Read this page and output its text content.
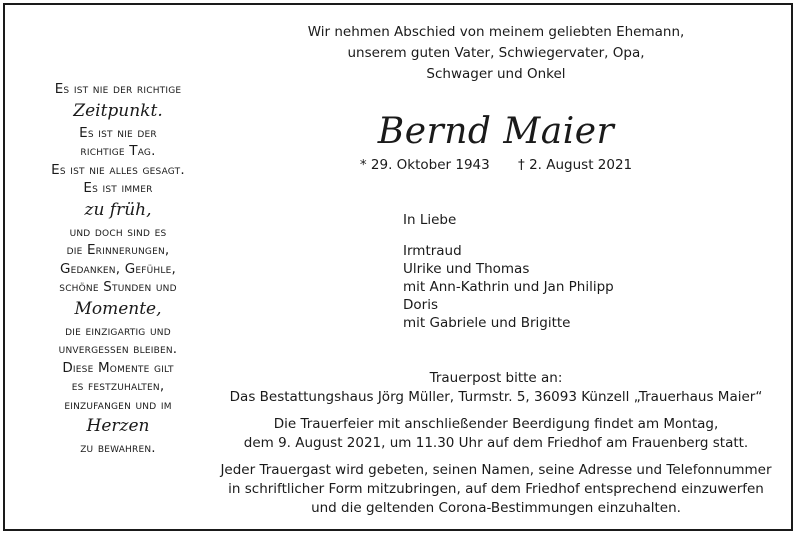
Es ist nie der richtige
Zeitpunkt.
Es ist nie der
richtige Tag.
Es ist nie alles gesagt.
Es ist immer
zu früh,
und doch sind es
die Erinnerungen,
Gedanken, Gefühle,
schöne Stunden und
Momente,
die einzigartig und
unvergessen bleiben.
Diese Momente gilt
es festzuhalten,
einzufangen und im
Herzen
zu bewahren.
Wir nehmen Abschied von meinem geliebten Ehemann,
unserem guten Vater, Schwiegervater, Opa,
Schwager und Onkel
Bernd Maier
* 29. Oktober 1943 † 2. August 2021
In Liebe
Irmtraud
Ulrike und Thomas
mit Ann-Kathrin und Jan Philipp
Doris
mit Gabriele und Brigitte
Trauerpost bitte an:
Das Bestattungshaus Jörg Müller, Turmstr. 5, 36093 Künzell „Trauerhaus Maier“
Die Trauerfeier mit anschließender Beerdigung findet am Montag,
dem 9. August 2021, um 11.30 Uhr auf dem Friedhof am Frauenberg statt.
Jeder Trauergast wird gebeten, seinen Namen, seine Adresse und Telefonnummer
in schriftlicher Form mitzubringen, auf dem Friedhof entsprechend einzuwerfen
und die geltenden Corona-Bestimmungen einzuhalten.
